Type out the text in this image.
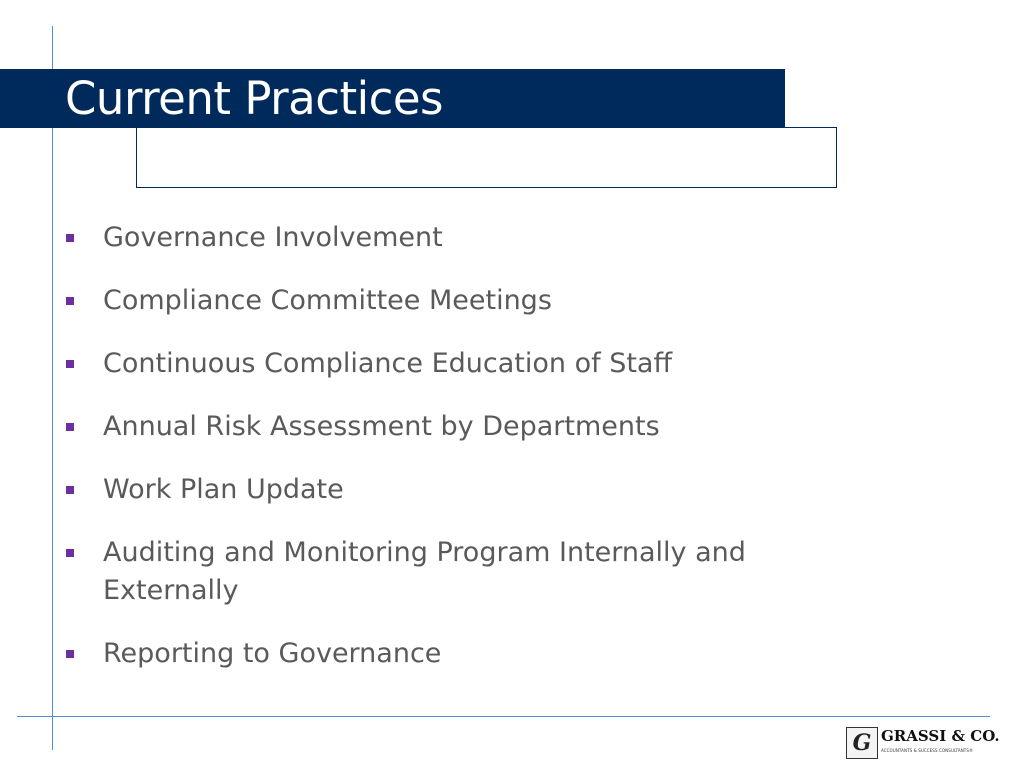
Current Practices
Governance Involvement
Compliance Committee Meetings
Continuous Compliance Education of Staff
Annual Risk Assessment by Departments
Work Plan Update
Auditing and Monitoring Program Internally and Externally
Reporting to Governance
G GRASSI & CO.
ACCOUNTANTS & SUCCESS CONSULTANTS®
